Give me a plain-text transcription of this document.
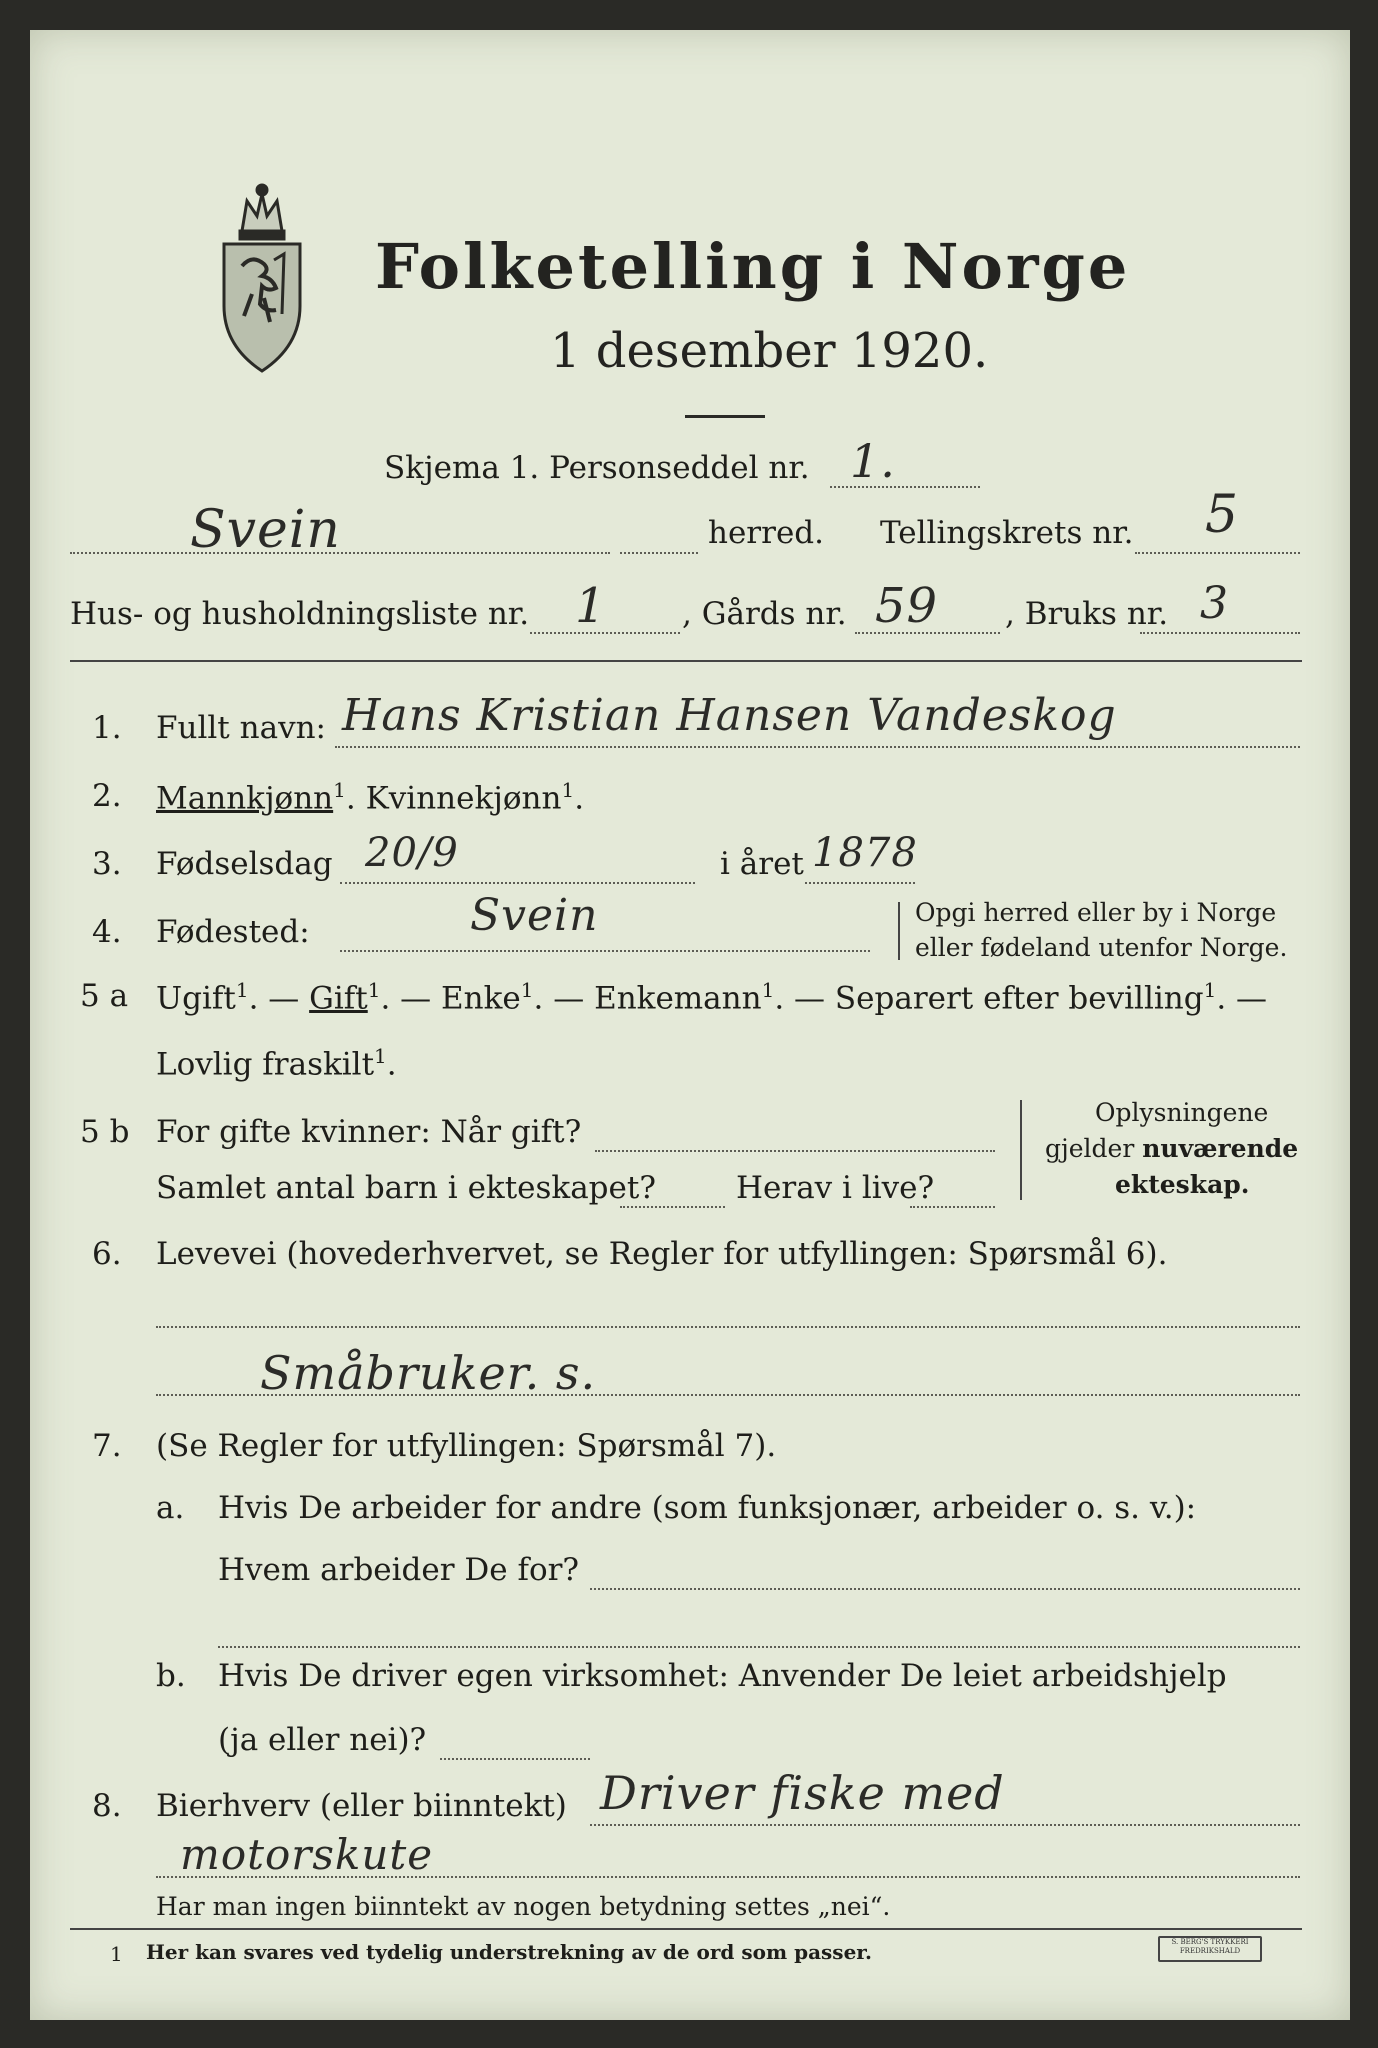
Folketelling i Norge
1 desember 1920.
Skjema 1. Personseddel nr. 1.
Svein	herred. Tellingskrets nr. 5
Hus- og husholdningsliste nr. 1 , Gårds nr. 59 , Bruks nr. 3
1. Fullt navn: Hans Kristian Hansen Vandeskog
2. Mannkjønn$^1$. Kvinnekjønn$^1$.
3. Fødselsdag 20/9	i året 1878
4. Fødested:	Svein	Opgi herred eller by i Norge
eller fødeland utenfor Norge.
5 a Ugift$^1$. — Gift$^1$. — Enke$^1$. — Enkemann$^1$. — Separert efter bevilling$^1$. —
Lovlig fraskilt$^1$.
5 b For gifte kvinner: Når gift?
Samlet antal barn i ekteskapet?	Herav i live?
Oplysningene
gjelder nuværende
ekteskap.
6. Levevei (hovederhvervet, se Regler for utfyllingen: Spørsmål 6).
Småbruker. s.
7. (Se Regler for utfyllingen: Spørsmål 7).
a. Hvis De arbeider for andre (som funksjonær, arbeider o. s. v.):
Hvem arbeider De for?
b. Hvis De driver egen virksomhet: Anvender De leiet arbeidshjelp
(ja eller nei)?
8. Bierhverv (eller biinntekt) Driver fiske med
motorskute
Har man ingen biinntekt av nogen betydning settes „nei“.
1 Her kan svares ved tydelig understrekning av de ord som passer.	S. BERG'S TRYKKERI
FREDRIKSHALD
